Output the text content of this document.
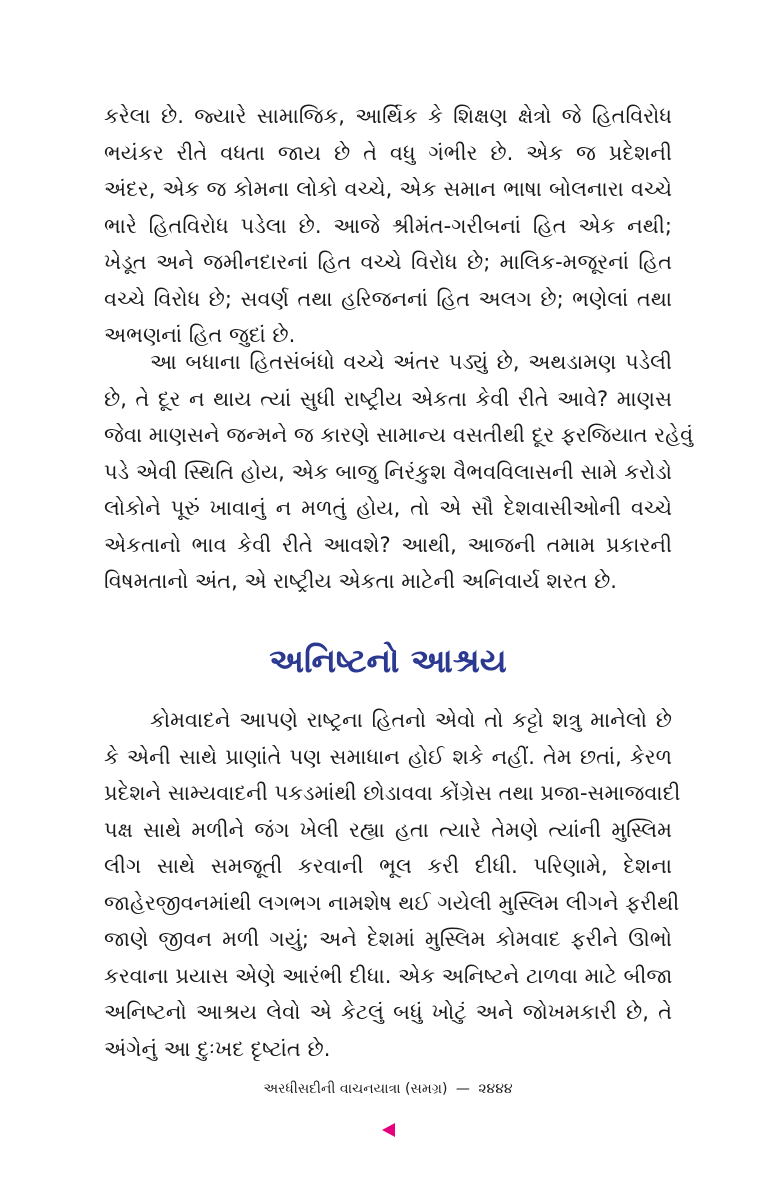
કરેલા છે. જ્યારે સામાજિક, આર્થિક કે શિક્ષણ ક્ષેત્રો જે હિતવિરોધ
ભયંકર રીતે વધતા જાય છે તે વધુ ગંભીર છે. એક જ પ્રદેશની
અંદર, એક જ કોમના લોકો વચ્ચે, એક સમાન ભાષા બોલનારા વચ્ચે
ભારે હિતવિરોધ પડેલા છે. આજે શ્રીમંત-ગરીબનાં હિત એક નથી;
ખેડૂત અને જમીનદારનાં હિત વચ્ચે વિરોધ છે; માલિક-મજૂરનાં હિત
વચ્ચે વિરોધ છે; સવર્ણ તથા હરિજનનાં હિત અલગ છે; ભણેલાં તથા
અભણનાં હિત જુદાં છે.
આ બધાના હિતસંબંધો વચ્ચે અંતર પડ્યું છે, અથડામણ પડેલી
છે, તે દૂર ન થાય ત્યાં સુધી રાષ્ટ્રીય એકતા કેવી રીતે આવે? માણસ
જેવા માણસને જન્મને જ કારણે સામાન્ય વસતીથી દૂર ફરજિયાત રહેવું
પડે એવી સ્થિતિ હોય, એક બાજુ નિરંકુશ વૈભવવિલાસની સામે કરોડો
લોકોને પૂરું ખાવાનું ન મળતું હોય, તો એ સૌ દેશવાસીઓની વચ્ચે
એકતાનો ભાવ કેવી રીતે આવશે? આથી, આજની તમામ પ્રકારની
વિષમતાનો અંત, એ રાષ્ટ્રીય એકતા માટેની અનિવાર્ય શરત છે.
અનિષ્ટનો આશ્રય
કોમવાદને આપણે રાષ્ટ્રના હિતનો એવો તો કટ્ટો શત્રુ માનેલો છે
કે એની સાથે પ્રાણાંતે પણ સમાધાન હોઈ શકે નહીં. તેમ છતાં, કેરળ
પ્રદેશને સામ્યવાદની પકડમાંથી છોડાવવા કોંગ્રેસ તથા પ્રજા-સમાજવાદી
પક્ષ સાથે મળીને જંગ ખેલી રહ્યા હતા ત્યારે તેમણે ત્યાંની મુસ્લિમ
લીગ સાથે સમજૂતી કરવાની ભૂલ કરી દીધી. પરિણામે, દેશના
જાહેરજીવનમાંથી લગભગ નામશેષ થઈ ગયેલી મુસ્લિમ લીગને ફરીથી
જાણે જીવન મળી ગયું; અને દેશમાં મુસ્લિમ કોમવાદ ફરીને ઊભો
કરવાના પ્રયાસ એણે આરંભી દીધા. એક અનિષ્ટને ટાળવા માટે બીજા
અનિષ્ટનો આશ્રય લેવો એ કેટલું બધું ખોટું અને જોખમકારી છે, તે
અંગેનું આ દુઃખદ દૃષ્ટાંત છે.
અરધીસદીની વાચનયાત્રા (સમગ્ર) — ૨૪૪૪
